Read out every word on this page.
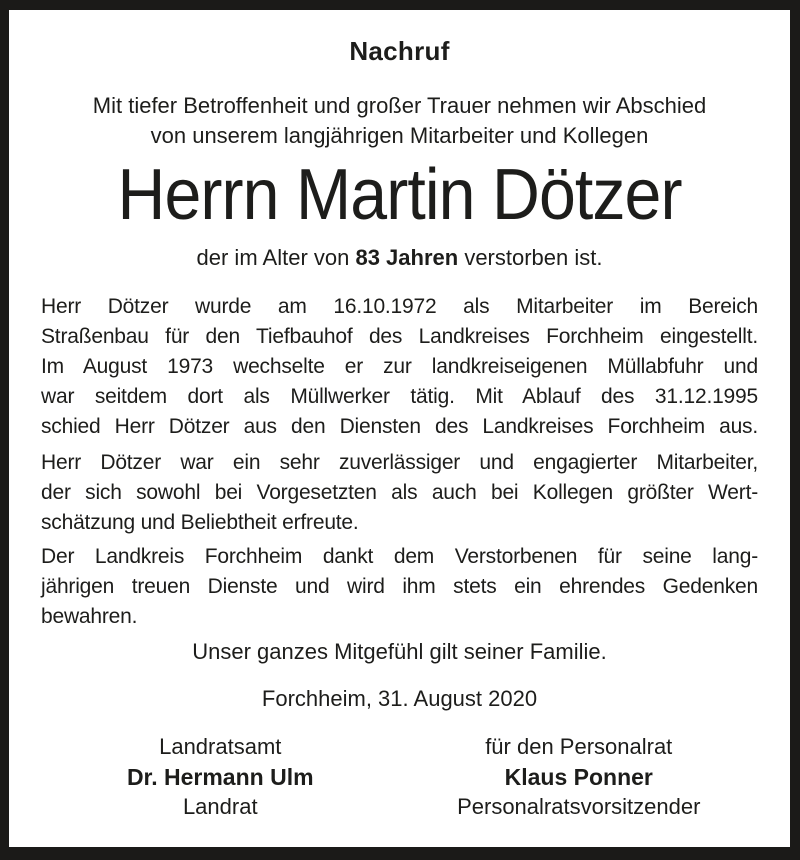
Nachruf
Mit tiefer Betroffenheit und großer Trauer nehmen wir Abschied
von unserem langjährigen Mitarbeiter und Kollegen
Herrn Martin Dötzer
der im Alter von 83 Jahren verstorben ist.
Herr Dötzer wurde am 16.10.1972 als Mitarbeiter im Bereich
Straßenbau für den Tiefbauhof des Landkreises Forchheim eingestellt.
Im August 1973 wechselte er zur landkreiseigenen Müllabfuhr und
war seitdem dort als Müllwerker tätig. Mit Ablauf des 31.12.1995
schied Herr Dötzer aus den Diensten des Landkreises Forchheim aus.
Herr Dötzer war ein sehr zuverlässiger und engagierter Mitarbeiter,
der sich sowohl bei Vorgesetzten als auch bei Kollegen größter Wert-
schätzung und Beliebtheit erfreute.
Der Landkreis Forchheim dankt dem Verstorbenen für seine lang-
jährigen treuen Dienste und wird ihm stets ein ehrendes Gedenken
bewahren.
Unser ganzes Mitgefühl gilt seiner Familie.
Forchheim, 31. August 2020
Landratsamt
Dr. Hermann Ulm
Landrat
für den Personalrat
Klaus Ponner
Personalratsvorsitzender
